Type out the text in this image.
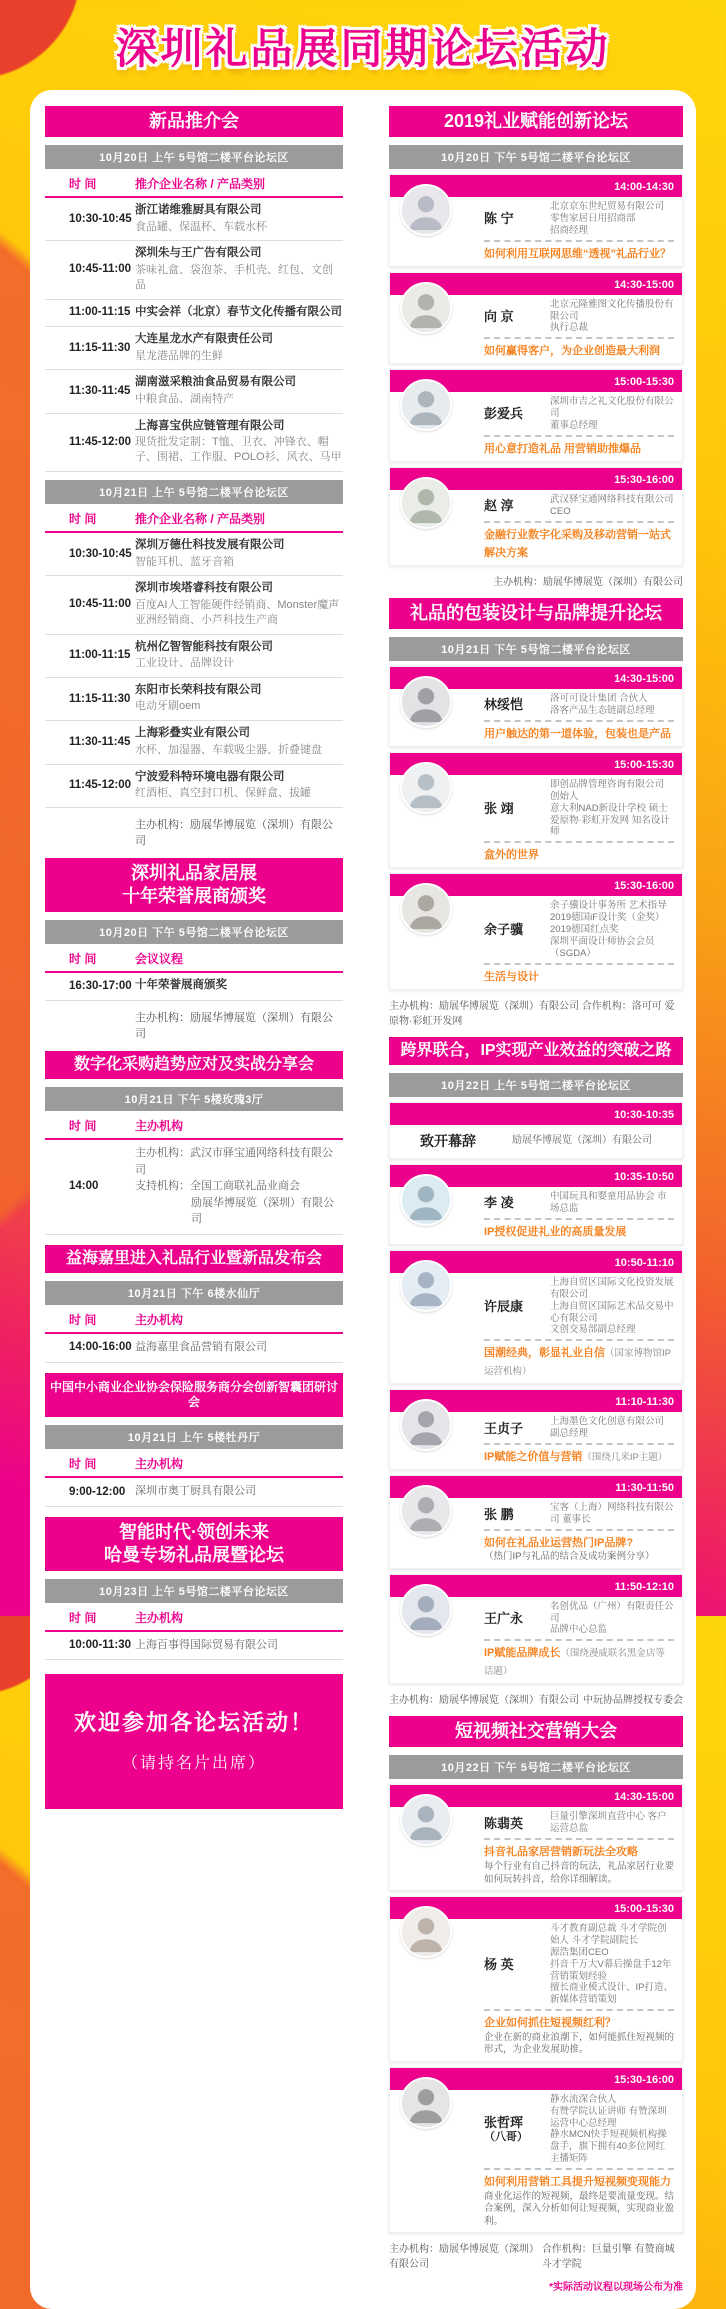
深圳礼品展同期论坛活动
新品推介会
10月20日 上午 5号馆二楼平台论坛区
时 间	推介企业名称 / 产品类别
10:30-10:45
浙江诺维雅厨具有限公司
食品罐、保温杯、车载水杯
10:45-11:00
深圳朱与王广告有限公司
茶味礼盒、袋泡茶、手机壳、红包、文创品
11:00-11:15 中实会祥（北京）春节文化传播有限公司
11:15-11:30
大连星龙水产有限责任公司
星龙港品牌的生鲜
11:30-11:45
湖南滋采粮油食品贸易有限公司
中粮食品、湖南特产
11:45-12:00
上海喜宝供应链管理有限公司
现货批发定制：T恤、卫衣、冲锋衣、帽子、围裙、工作服、POLO衫、风衣、马甲
10月21日 上午 5号馆二楼平台论坛区
时 间	推介企业名称 / 产品类别
10:30-10:45
深圳万德仕科技发展有限公司
智能耳机、蓝牙音箱
10:45-11:00
深圳市埃塔睿科技有限公司
百度AI人工智能硬件经销商、Monster魔声亚洲经销商、小芦科技生产商
11:00-11:15
杭州亿智智能科技有限公司
工业设计、品牌设计
11:15-11:30
东阳市长荣科技有限公司
电动牙刷oem
11:30-11:45
上海彩叠实业有限公司
水杯、加湿器、车载吸尘器、折叠键盘
11:45-12:00
宁波爱科特环境电器有限公司
红酒柜、真空封口机、保鲜盒、拔罐
主办机构：励展华博展览（深圳）有限公司
深圳礼品家居展
十年荣誉展商颁奖
10月20日 下午 5号馆二楼平台论坛区
时 间	会议议程
16:30-17:00 十年荣誉展商颁奖
主办机构：励展华博展览（深圳）有限公司
数字化采购趋势应对及实战分享会
10月21日 下午 5楼玫瑰3厅
时 间	主办机构
14:00
主办机构：武汉市驿宝通网络科技有限公司
支持机构：全国工商联礼品业商会
励展华博展览（深圳）有限公司
益海嘉里进入礼品行业暨新品发布会
10月21日 下午 6楼水仙厅
时 间	主办机构
14:00-16:00 益海嘉里食品营销有限公司
中国中小商业企业协会保险服务商分会创新智囊团研讨会
10月21日 上午 5楼牡丹厅
时 间	主办机构
9:00-12:00 深圳市奥丁厨具有限公司
智能时代·领创未来
哈曼专场礼品展暨论坛
10月23日 上午 5号馆二楼平台论坛区
时 间	主办机构
10:00-11:30 上海百事得国际贸易有限公司
欢迎参加各论坛活动！
（请持名片出席）
2019礼业赋能创新论坛
10月20日 下午 5号馆二楼平台论坛区
14:00-14:30
陈 宁
北京京东世纪贸易有限公司
零售家居日用招商部
招商经理
如何利用互联网思维“透视”礼品行业？
14:30-15:00
向 京
北京元隆雅图文化传播股份有限公司
执行总裁
如何赢得客户，为企业创造最大利润
15:00-15:30
彭爱兵
深圳市吉之礼文化股份有限公司
董事总经理
用心意打造礼品 用营销助推爆品
15:30-16:00
赵 淳	武汉驿宝通网络科技有限公司
CEO
金融行业数字化采购及移动营销一站式解决方案
主办机构：励展华博展览（深圳）有限公司
礼品的包装设计与品牌提升论坛
10月21日 下午 5号馆二楼平台论坛区
14:30-15:00
林绥恺	洛可可设计集团 合伙人
洛客产品生态链副总经理
用户触达的第一道体验，包装也是产品
15:00-15:30
张 翊
即创品牌管理咨询有限公司 创始人
意大利NAD新设计学校 硕士
爱原物·彩虹开发网 知名设计师
盒外的世界
15:30-16:00
余子骥
余子骥设计事务所 艺术指导
2019德国iF设计奖（金奖）
2019德国红点奖
深圳平面设计师协会会员（SGDA）
生活与设计
主办机构：励展华博展览（深圳）有限公司 合作机构：洛可可 爱原物·彩虹开发网
跨界联合，IP实现产业效益的突破之路
10月22日 上午 5号馆二楼平台论坛区
10:30-10:35
致开幕辞	励展华博展览（深圳）有限公司
10:35-10:50
李 凌	中国玩具和婴童用品协会 市场总监
IP授权促进礼业的高质量发展
10:50-11:10
许辰康
上海自贸区国际文化投资发展有限公司
上海自贸区国际艺术品交易中心有限公司
文创交易部副总经理
国潮经典，彰显礼业自信（国家博物馆IP运营机构）
11:10-11:30
王贞子	上海墨色文化创意有限公司 副总经理
IP赋能之价值与营销（围绕几米IP主题）
11:30-11:50
张 鹏	宝客（上海）网络科技有限公司 董事长
如何在礼品业运营热门IP品牌?
（热门IP与礼品的结合及成功案例分享）
11:50-12:10
王广永
名创优品（广州）有限责任公司
品牌中心总监
IP赋能品牌成长（围绕漫威联名黑金店等话题）
主办机构：励展华博展览（深圳）有限公司 中玩协品牌授权专委会
短视频社交营销大会
10月22日 下午 5号馆二楼平台论坛区
14:30-15:00
陈翡英	巨量引擎深圳直营中心 客户运营总监
抖音礼品家居营销新玩法全攻略
每个行业有自己抖音的玩法，礼品家居行业要如何玩转抖音，给你详细解读。
15:00-15:30
杨 英
斗才教育副总裁 斗才学院创始人 斗才学院副院长
源浩集团CEO
抖音千万大V幕后操盘手12年营销策划经验
擅长商业模式设计、IP打造、新媒体营销策划
企业如何抓住短视频红利？
企业在新的商业浪潮下，如何能抓住短视频的形式，为企业发展助推。
15:30-16:00
张哲珲
（八哥）
静水流深合伙人
有赞学院认证讲师 有赞深圳运营中心总经理
静水MCN快手短视频机构操盘手，旗下拥有40多位网红主播矩阵
如何利用营销工具提升短视频变现能力
商业化运作的短视频，最终是要流量变现。结合案例，深入分析如何让短视频，实现商业盈利。
主办机构：励展华博展览（深圳）有限公司
合作机构：巨量引擎 有赞商城 斗才学院
*实际活动议程以现场公布为准
